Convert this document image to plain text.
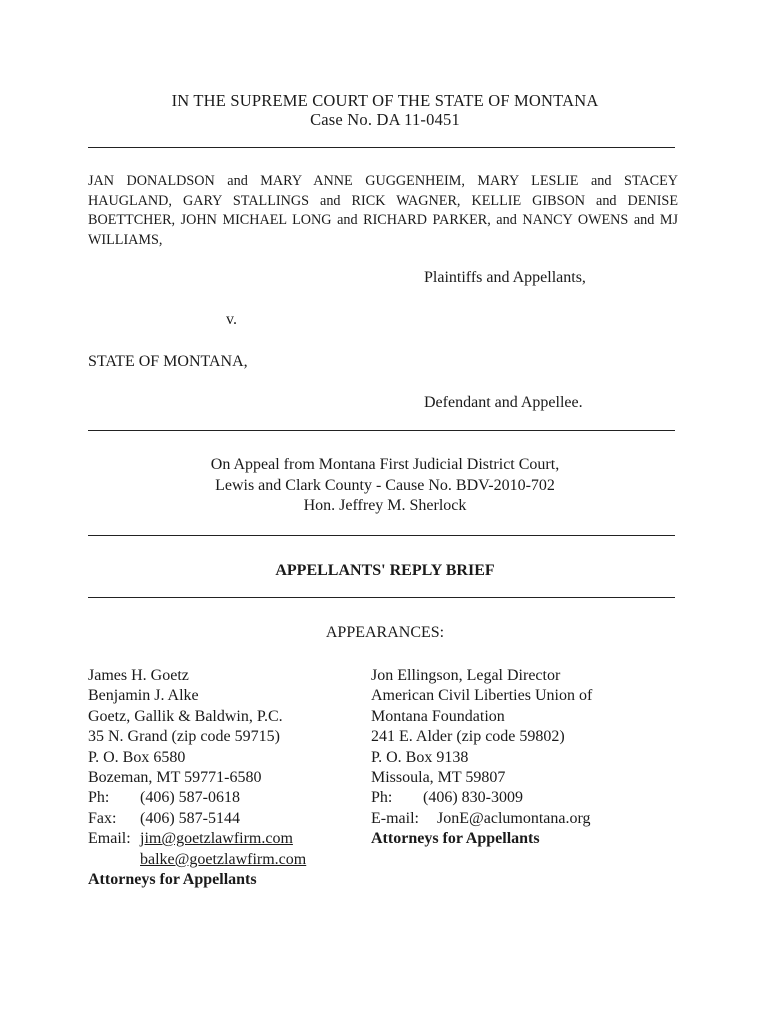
IN THE SUPREME COURT OF THE STATE OF MONTANA
Case No. DA 11-0451
JAN DONALDSON and MARY ANNE GUGGENHEIM, MARY LESLIE and STACEY HAUGLAND, GARY STALLINGS and RICK WAGNER, KELLIE GIBSON and DENISE BOETTCHER, JOHN MICHAEL LONG and RICHARD PARKER, and NANCY OWENS and MJ WILLIAMS,
Plaintiffs and Appellants,
v.
STATE OF MONTANA,
Defendant and Appellee.
On Appeal from Montana First Judicial District Court,
Lewis and Clark County - Cause No. BDV-2010-702
Hon. Jeffrey M. Sherlock
APPELLANTS' REPLY BRIEF
APPEARANCES:
James H. Goetz
Benjamin J. Alke
Goetz, Gallik & Baldwin, P.C.
35 N. Grand (zip code 59715)
P. O. Box 6580
Bozeman, MT 59771-6580
Ph: (406) 587-0618
Fax: (406) 587-5144
Email: jim@goetzlawfirm.com
balke@goetzlawfirm.com
Attorneys for Appellants
Jon Ellingson, Legal Director
American Civil Liberties Union of
Montana Foundation
241 E. Alder (zip code 59802)
P. O. Box 9138
Missoula, MT 59807
Ph: (406) 830-3009
E-mail: JonE@aclumontana.org
Attorneys for Appellants
